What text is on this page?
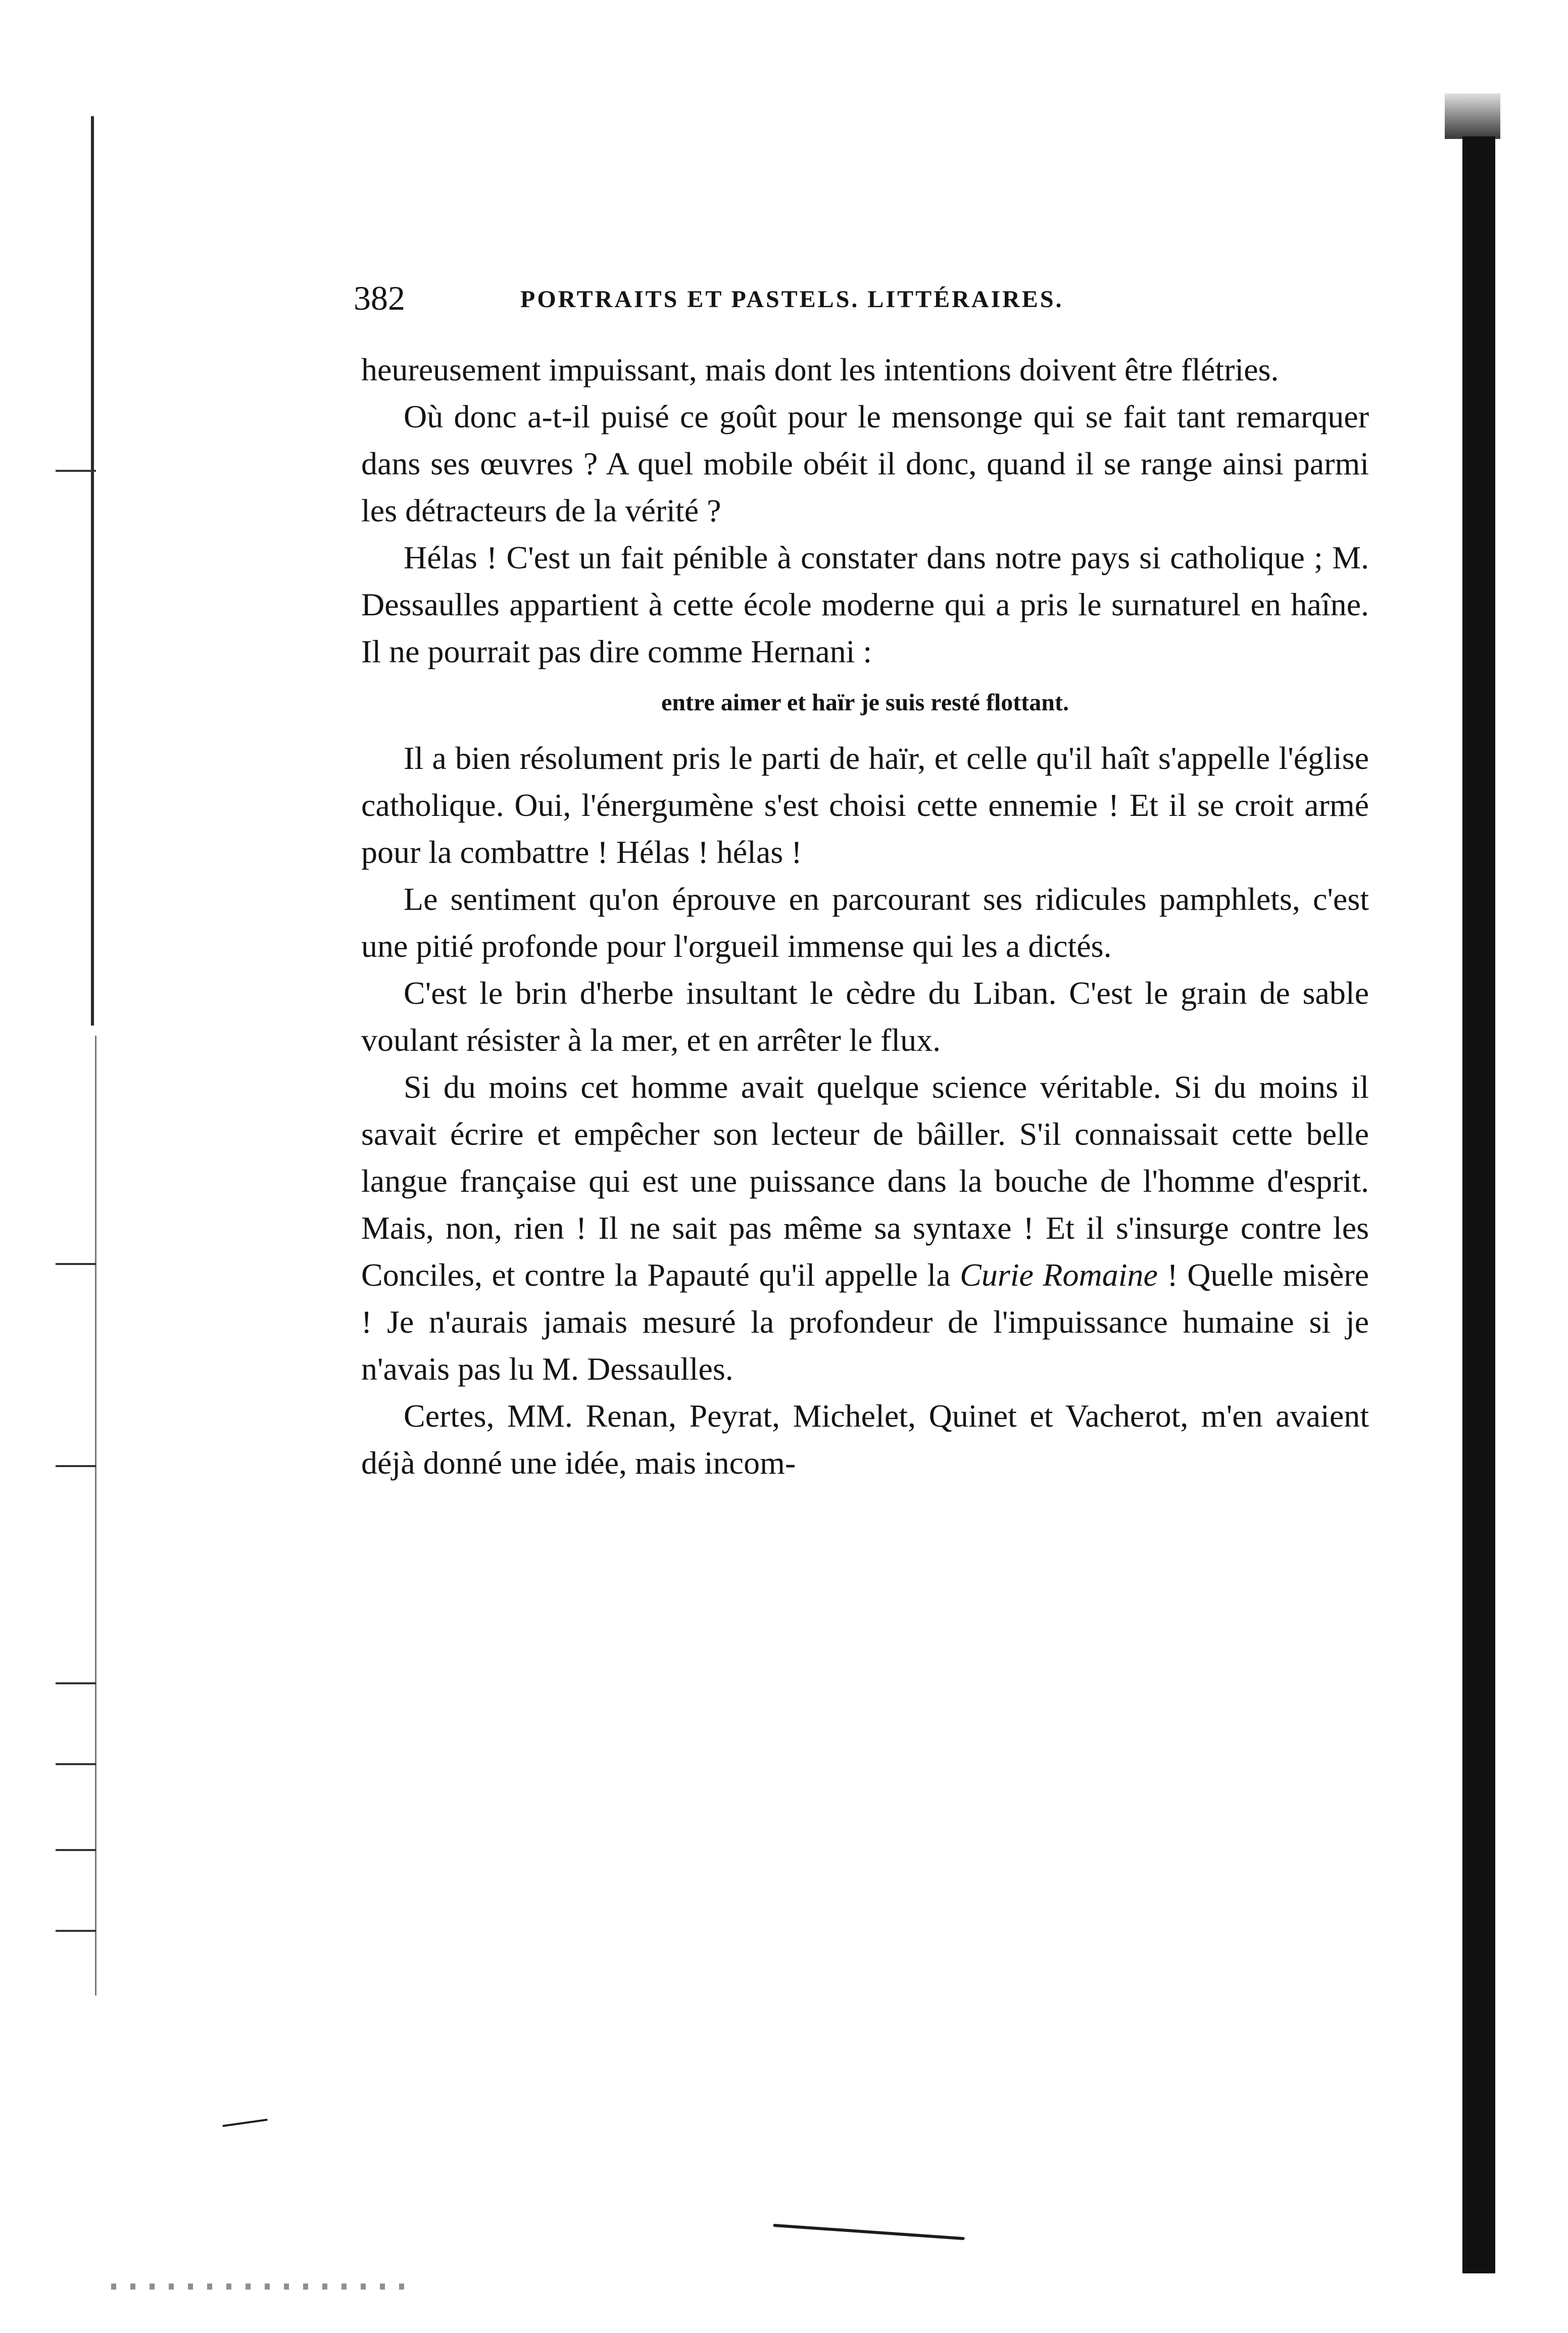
382	PORTRAITS ET PASTELS. LITTÉRAIRES.

heureusement impuissant, mais dont les intentions doivent être flétries.

Où donc a-t-il puisé ce goût pour le mensonge qui se fait tant remarquer dans ses œuvres ? A quel mobile obéit il donc, quand il se range ainsi parmi les détracteurs de la vérité ?

Hélas ! C'est un fait pénible à constater dans notre pays si catholique ; M. Dessaulles appartient à cette école moderne qui a pris le surnaturel en haîne. Il ne pourrait pas dire comme Hernani :

entre aimer et haïr je suis resté flottant.

Il a bien résolument pris le parti de haïr, et celle qu'il haît s'appelle l'église catholique. Oui, l'énergumène s'est choisi cette ennemie ! Et il se croit armé pour la combattre ! Hélas ! hélas !

Le sentiment qu'on éprouve en parcourant ses ridicules pamphlets, c'est une pitié profonde pour l'orgueil immense qui les a dictés.

C'est le brin d'herbe insultant le cèdre du Liban. C'est le grain de sable voulant résister à la mer, et en arrêter le flux.

Si du moins cet homme avait quelque science véritable. Si du moins il savait écrire et empêcher son lecteur de bâiller. S'il connaissait cette belle langue française qui est une puissance dans la bouche de l'homme d'esprit. Mais, non, rien ! Il ne sait pas même sa syntaxe ! Et il s'insurge contre les Conciles, et contre la Papauté qu'il appelle la Curie Romaine ! Quelle misère ! Je n'aurais jamais mesuré la profondeur de l'impuissance humaine si je n'avais pas lu M. Dessaulles.

Certes, MM. Renan, Peyrat, Michelet, Quinet et Vacherot, m'en avaient déjà donné une idée, mais incom-
